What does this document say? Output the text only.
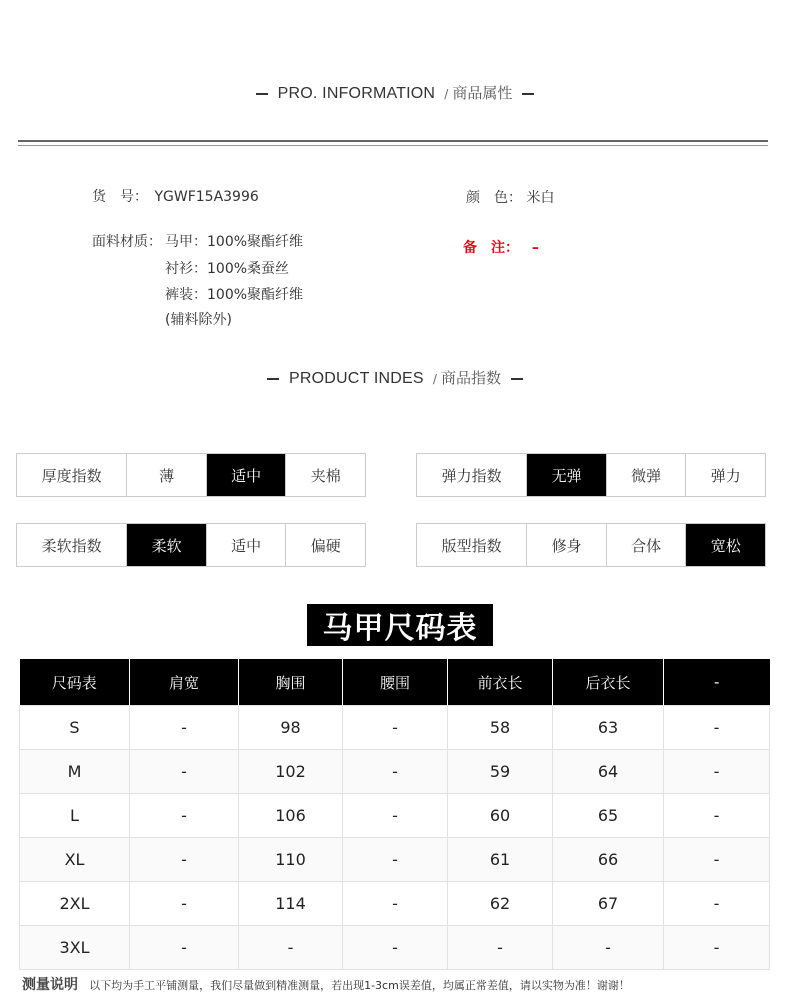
PRO. INFORMATION / 商品属性
货　号： YGWF15A3996	颜　色： 米白
面料材质： 马甲：100%聚酯纤维
衬衫：100%桑蚕丝
裤装：100%聚酯纤维
(辅料除外)
备　注： –
PRODUCT INDES / 商品指数
厚度指数	薄	适中	夹棉	弹力指数	无弹	微弹	弹力
柔软指数	柔软	适中	偏硬	版型指数	修身	合体	宽松
马甲尺码表
尺码表	肩宽	胸围	腰围	前衣长	后衣长	-
S	-	98	-	58	63	-
M	-	102	-	59	64	-
L	-	106	-	60	65	-
XL	-	110	-	61	66	-
2XL	-	114	-	62	67	-
3XL	-	-	-	-	-	-
测量说明 以下均为手工平铺测量，我们尽量做到精准测量，若出现1-3cm误差值，均属正常差值，请以实物为准！谢谢！
